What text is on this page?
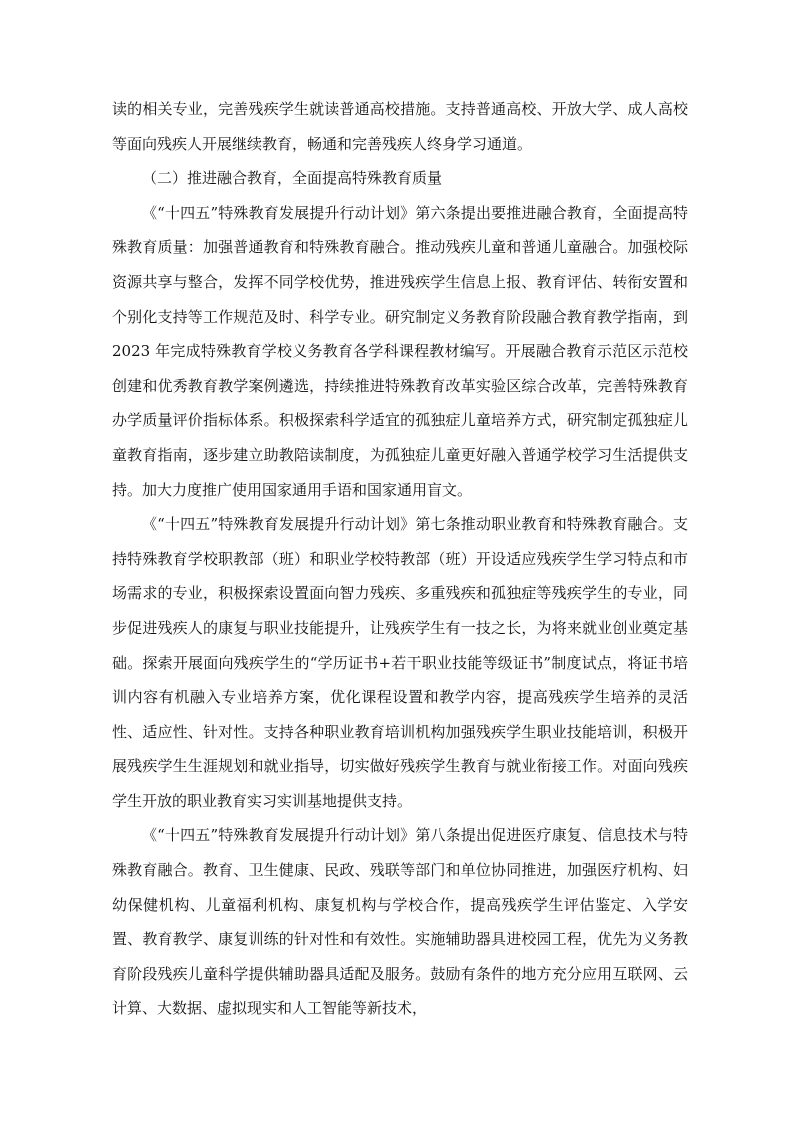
读的相关专业，完善残疾学生就读普通高校措施。支持普通高校、开放大学、成人高校等面向残疾人开展继续教育，畅通和完善残疾人终身学习通道。

（二）推进融合教育，全面提高特殊教育质量

《“十四五”特殊教育发展提升行动计划》第六条提出要推进融合教育，全面提高特殊教育质量：加强普通教育和特殊教育融合。推动残疾儿童和普通儿童融合。加强校际资源共享与整合，发挥不同学校优势，推进残疾学生信息上报、教育评估、转衔安置和个别化支持等工作规范及时、科学专业。研究制定义务教育阶段融合教育教学指南，到 2023 年完成特殊教育学校义务教育各学科课程教材编写。开展融合教育示范区示范校创建和优秀教育教学案例遴选，持续推进特殊教育改革实验区综合改革，完善特殊教育办学质量评价指标体系。积极探索科学适宜的孤独症儿童培养方式，研究制定孤独症儿童教育指南，逐步建立助教陪读制度，为孤独症儿童更好融入普通学校学习生活提供支持。加大力度推广使用国家通用手语和国家通用盲文。

《“十四五”特殊教育发展提升行动计划》第七条推动职业教育和特殊教育融合。支持特殊教育学校职教部（班）和职业学校特教部（班）开设适应残疾学生学习特点和市场需求的专业，积极探索设置面向智力残疾、多重残疾和孤独症等残疾学生的专业，同步促进残疾人的康复与职业技能提升，让残疾学生有一技之长，为将来就业创业奠定基础。探索开展面向残疾学生的“学历证书+若干职业技能等级证书”制度试点，将证书培训内容有机融入专业培养方案，优化课程设置和教学内容，提高残疾学生培养的灵活性、适应性、针对性。支持各种职业教育培训机构加强残疾学生职业技能培训，积极开展残疾学生生涯规划和就业指导，切实做好残疾学生教育与就业衔接工作。对面向残疾学生开放的职业教育实习实训基地提供支持。

《“十四五”特殊教育发展提升行动计划》第八条提出促进医疗康复、信息技术与特殊教育融合。教育、卫生健康、民政、残联等部门和单位协同推进，加强医疗机构、妇幼保健机构、儿童福利机构、康复机构与学校合作，提高残疾学生评估鉴定、入学安置、教育教学、康复训练的针对性和有效性。实施辅助器具进校园工程，优先为义务教育阶段残疾儿童科学提供辅助器具适配及服务。鼓励有条件的地方充分应用互联网、云计算、大数据、虚拟现实和人工智能等新技术，
